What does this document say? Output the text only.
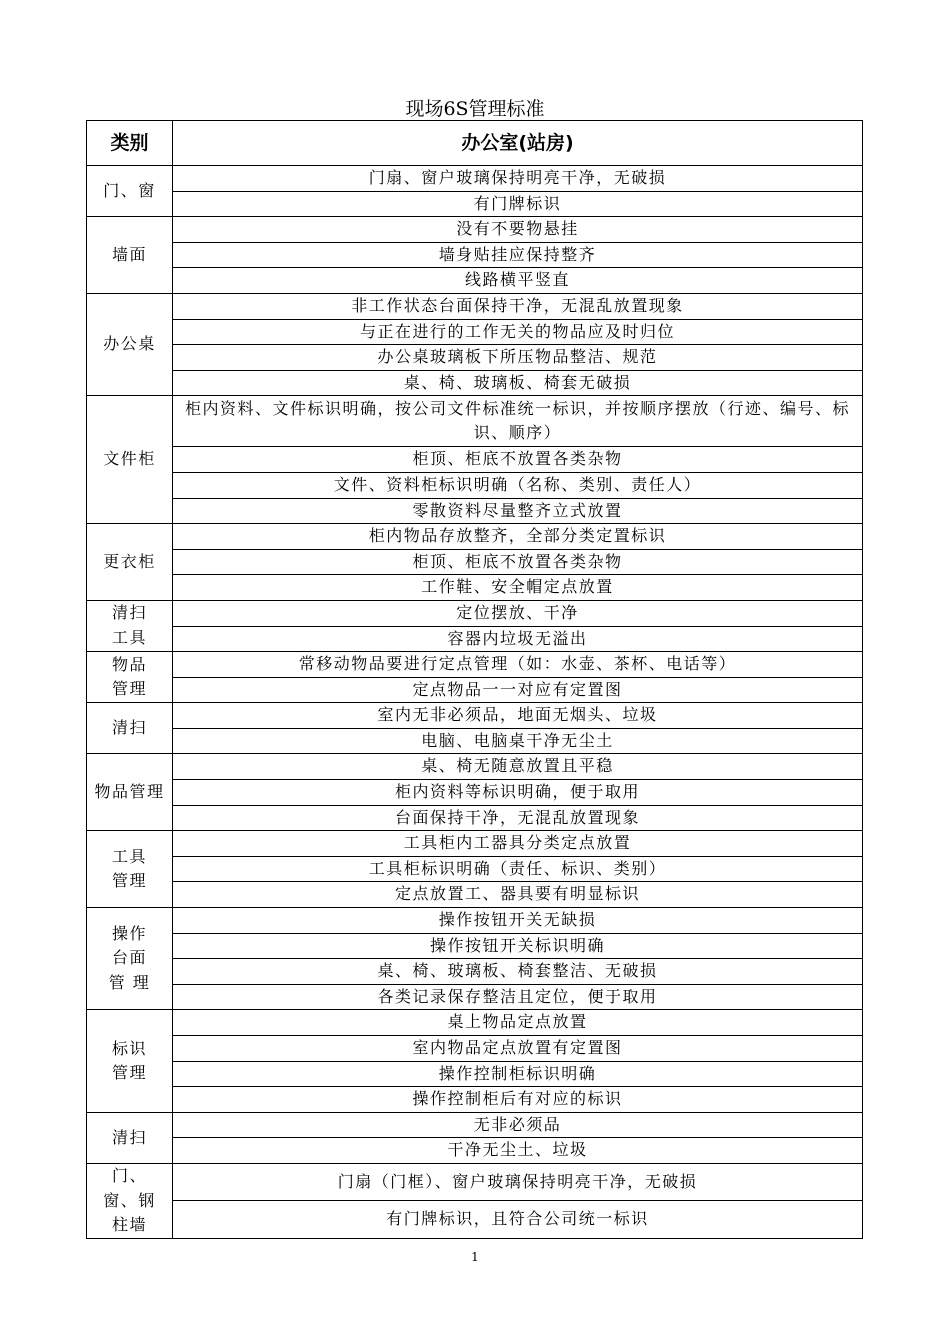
现场6S管理标准
类别	办公室(站房)

门、窗	门扇、窗户玻璃保持明亮干净，无破损
	有门牌标识

墙面	没有不要物悬挂
	墙身贴挂应保持整齐
	线路横平竖直

办公桌	非工作状态台面保持干净，无混乱放置现象
	与正在进行的工作无关的物品应及时归位
	办公桌玻璃板下所压物品整洁、规范
	桌、椅、玻璃板、椅套无破损

文件柜	柜内资料、文件标识明确，按公司文件标准统一标识，并按顺序摆放（行迹、编号、标识、顺序）
	柜顶、柜底不放置各类杂物
	文件、资料柜标识明确（名称、类别、责任人）
	零散资料尽量整齐立式放置

更衣柜	柜内物品存放整齐，全部分类定置标识
	柜顶、柜底不放置各类杂物
	工作鞋、安全帽定点放置

清扫工具	定位摆放、干净
	容器内垃圾无溢出

物品管理	常移动物品要进行定点管理（如：水壶、茶杯、电话等）
	定点物品一一对应有定置图

清扫	室内无非必须品，地面无烟头、垃圾
	电脑、电脑桌干净无尘土

物品管理	桌、椅无随意放置且平稳
	柜内资料等标识明确，便于取用
	台面保持干净，无混乱放置现象

工具管理	工具柜内工器具分类定点放置
	工具柜标识明确（责任、标识、类别）
	定点放置工、器具要有明显标识

操作台面 管 理	操作按钮开关无缺损
	操作按钮开关标识明确
	桌、椅、玻璃板、椅套整洁、无破损
	各类记录保存整洁且定位，便于取用

标识管理	桌上物品定点放置
	室内物品定点放置有定置图
	操作控制柜标识明确
	操作控制柜后有对应的标识

清扫	无非必须品
	干净无尘土、垃圾

门、窗、钢柱墙	门扇（门框）、窗户玻璃保持明亮干净，无破损
	有门牌标识，且符合公司统一标识
1
